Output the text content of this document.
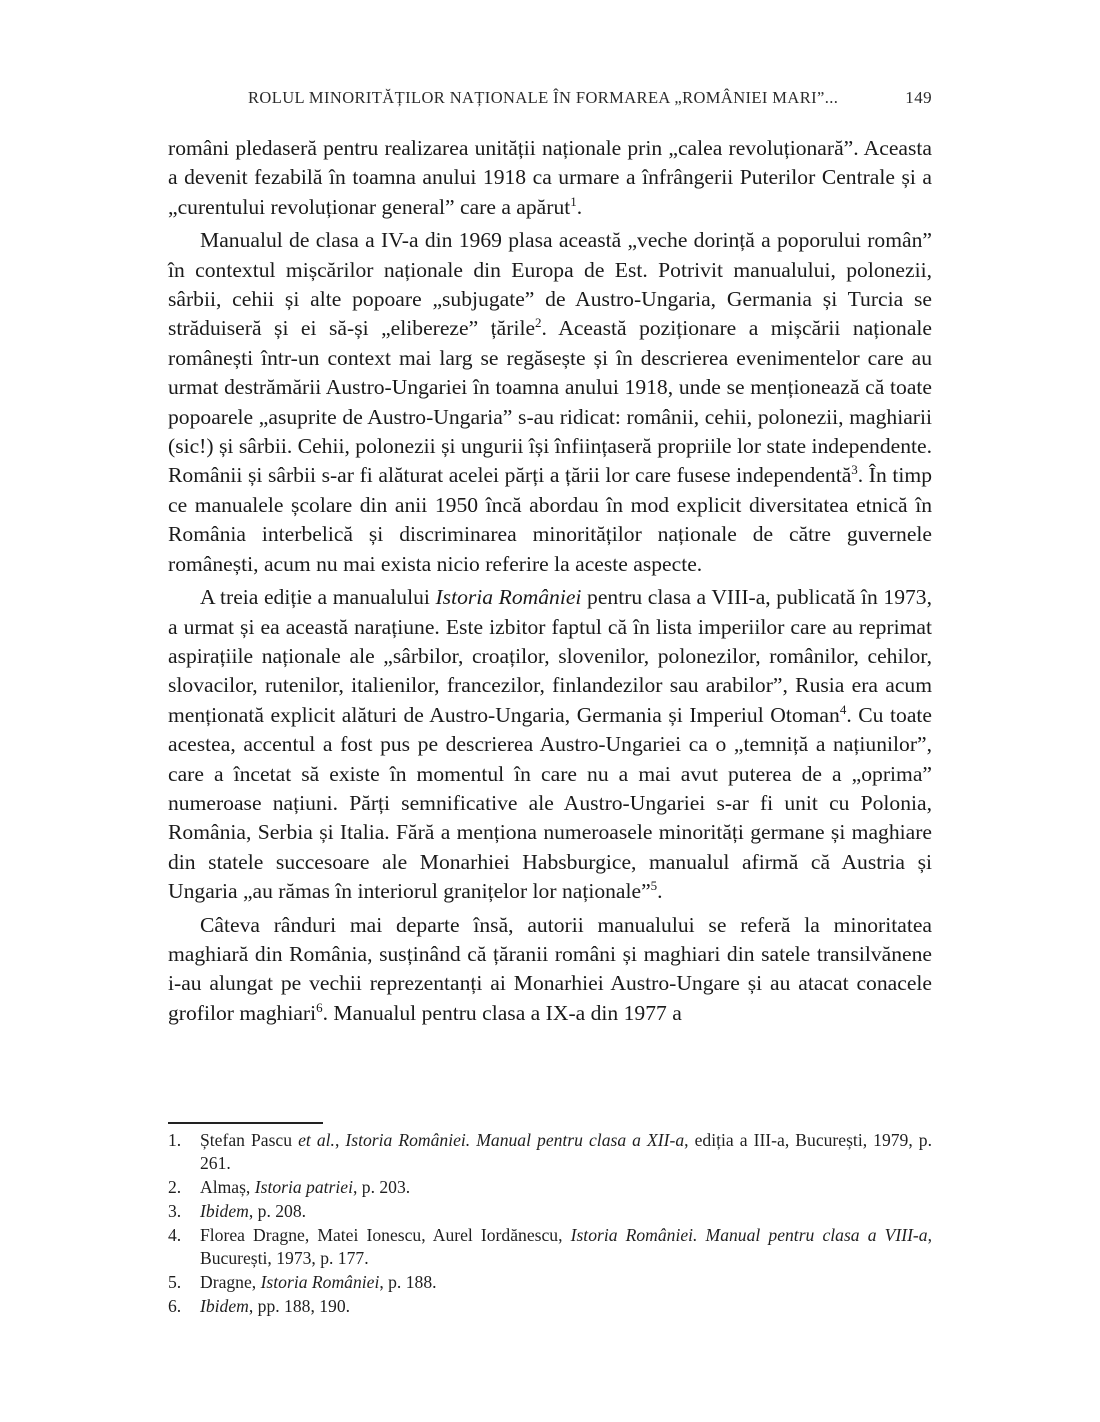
ROLUL MINORITĂȚILOR NAȚIONALE ÎN FORMAREA „ROMÂNIEI MARI”...	149

români pledaseră pentru realizarea unității naționale prin „calea revoluționară”. Aceasta a devenit fezabilă în toamna anului 1918 ca urmare a înfrângerii Puterilor Centrale și a „curentului revoluționar general” care a apărut$^1$.

Manualul de clasa a IV-a din 1969 plasa această „veche dorință a poporului român” în contextul mișcărilor naționale din Europa de Est. Potrivit manualului, polonezii, sârbii, cehii și alte popoare „subjugate” de Austro-Ungaria, Germania și Turcia se străduiseră și ei să-și „elibereze” țările$^2$. Această poziționare a mișcării naționale românești într-un context mai larg se regăsește și în descrierea evenimentelor care au urmat destrămării Austro-Ungariei în toamna anului 1918, unde se menționează că toate popoarele „asuprite de Austro-Ungaria” s-au ridicat: românii, cehii, polonezii, maghiarii (sic!) și sârbii. Cehii, polonezii și ungurii își înființaseră propriile lor state independente. Românii și sârbii s-ar fi alăturat acelei părți a țării lor care fusese independentă$^3$. În timp ce manualele școlare din anii 1950 încă abordau în mod explicit diversitatea etnică în România interbelică și discriminarea minorităților naționale de către guvernele românești, acum nu mai exista nicio referire la aceste aspecte.

A treia ediție a manualului Istoria României pentru clasa a VIII-a, publicată în 1973, a urmat și ea această narațiune. Este izbitor faptul că în lista imperiilor care au reprimat aspirațiile naționale ale „sârbilor, croaților, slovenilor, polonezilor, românilor, cehilor, slovacilor, rutenilor, italienilor, francezilor, finlandezilor sau arabilor”, Rusia era acum menționată explicit alături de Austro-Ungaria, Germania și Imperiul Otoman$^4$. Cu toate acestea, accentul a fost pus pe descrierea Austro-Ungariei ca o „temniță a națiunilor”, care a încetat să existe în momentul în care nu a mai avut puterea de a „oprima” numeroase națiuni. Părți semnificative ale Austro-Ungariei s-ar fi unit cu Polonia, România, Serbia și Italia. Fără a menționa numeroasele minorități germane și maghiare din statele succesoare ale Monarhiei Habsburgice, manualul afirmă că Austria și Ungaria „au rămas în interiorul granițelor lor naționale”$^5$.

Câteva rânduri mai departe însă, autorii manualului se referă la minoritatea maghiară din România, susținând că țăranii români și maghiari din satele transilvănene i-au alungat pe vechii reprezentanți ai Monarhiei Austro-Ungare și au atacat conacele grofilor maghiari$^6$. Manualul pentru clasa a IX-a din 1977 a

1.	Ștefan Pascu et al., Istoria României. Manual pentru clasa a XII-a, ediția a III-a, București, 1979, p. 261.
2.	Almaș, Istoria patriei, p. 203.
3.	Ibidem, p. 208.
4.	Florea Dragne, Matei Ionescu, Aurel Iordănescu, Istoria României. Manual pentru clasa a VIII-a, București, 1973, p. 177.
5.	Dragne, Istoria României, p. 188.
6.	Ibidem, pp. 188, 190.
